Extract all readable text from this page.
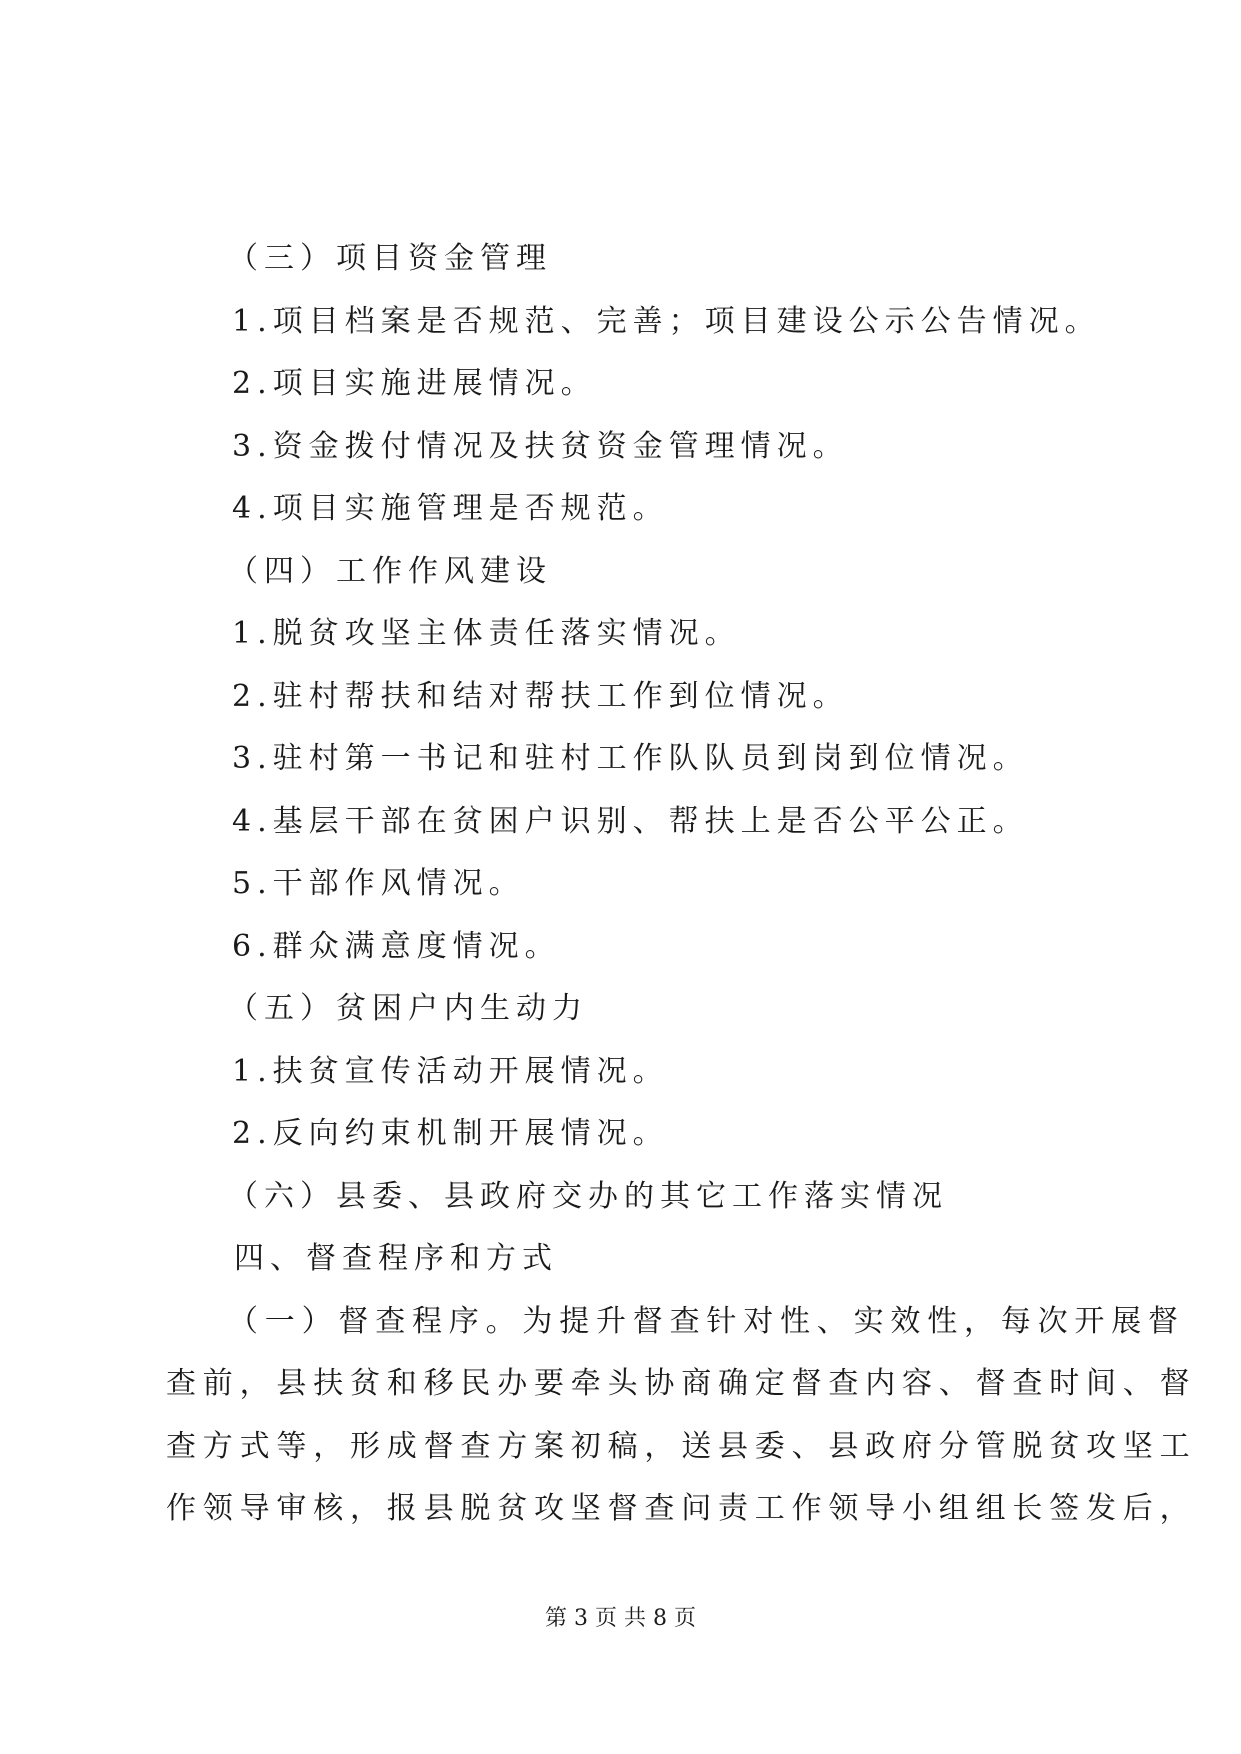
（三）项目资金管理
1.项目档案是否规范、完善；项目建设公示公告情况。
2.项目实施进展情况。
3.资金拨付情况及扶贫资金管理情况。
4.项目实施管理是否规范。
（四）工作作风建设
1.脱贫攻坚主体责任落实情况。
2.驻村帮扶和结对帮扶工作到位情况。
3.驻村第一书记和驻村工作队队员到岗到位情况。
4.基层干部在贫困户识别、帮扶上是否公平公正。
5.干部作风情况。
6.群众满意度情况。
（五）贫困户内生动力
1.扶贫宣传活动开展情况。
2.反向约束机制开展情况。
（六）县委、县政府交办的其它工作落实情况
四、督查程序和方式
（一）督查程序。为提升督查针对性、实效性，每次开展督
查前，县扶贫和移民办要牵头协商确定督查内容、督查时间、督
查方式等，形成督查方案初稿，送县委、县政府分管脱贫攻坚工
作领导审核，报县脱贫攻坚督查问责工作领导小组组长签发后，
第 3 页 共 8 页
